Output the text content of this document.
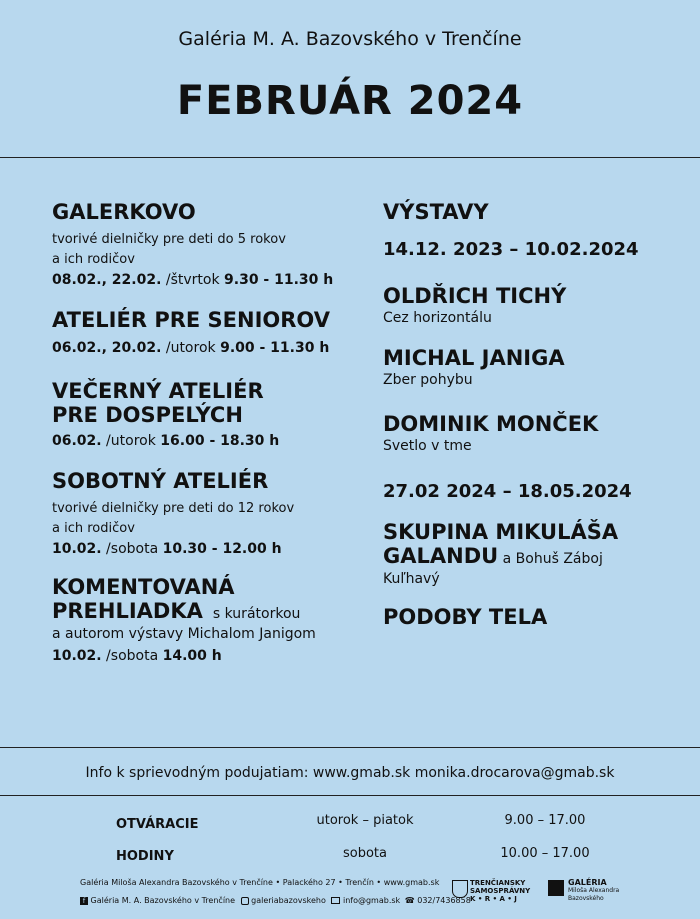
Galéria M. A. Bazovského v Trenčíne
FEBRUÁR 2024
GALERKOVO
tvorivé dielničky pre deti do 5 rokov
a ich rodičov
08.02., 22.02. /štvrtok 9.30 - 11.30 h
ATELIÉR PRE SENIOROV
06.02., 20.02. /utorok 9.00 - 11.30 h
VEČERNÝ ATELIÉR
PRE DOSPELÝCH
06.02. /utorok 16.00 - 18.30 h
SOBOTNÝ ATELIÉR
tvorivé dielničky pre deti do 12 rokov
a ich rodičov
10.02. /sobota 10.30 - 12.00 h
KOMENTOVANÁ
PREHLIADKA s kurátorkou
a autorom výstavy Michalom Janigom
10.02. /sobota 14.00 h
VÝSTAVY
14.12. 2023 – 10.02.2024
OLDŘICH TICHÝ
Cez horizontálu
MICHAL JANIGA
Zber pohybu
DOMINIK MONČEK
Svetlo v tme
27.02 2024 – 18.05.2024
SKUPINA MIKULÁŠA
GALANDU a Bohuš Záboj
Kuľhavý
PODOBY TELA
Info k sprievodným podujatiam: www.gmab.sk monika.drocarova@gmab.sk
OTVÁRACIE
HODINY
utorok – piatok
sobota
9.00 – 17.00
10.00 – 17.00
Galéria Miloša Alexandra Bazovského v Trenčíne • Palackého 27 • Trenčín • www.gmab.sk
f Galéria M. A. Bazovského v Trenčíne galeriabazovskeho info@gmab.sk ☎ 032/7436858
TRENČIANSKY
SAMOSPRÁVNY
K • R • A • J
GALÉRIA
Miloša Alexandra
Bazovského
